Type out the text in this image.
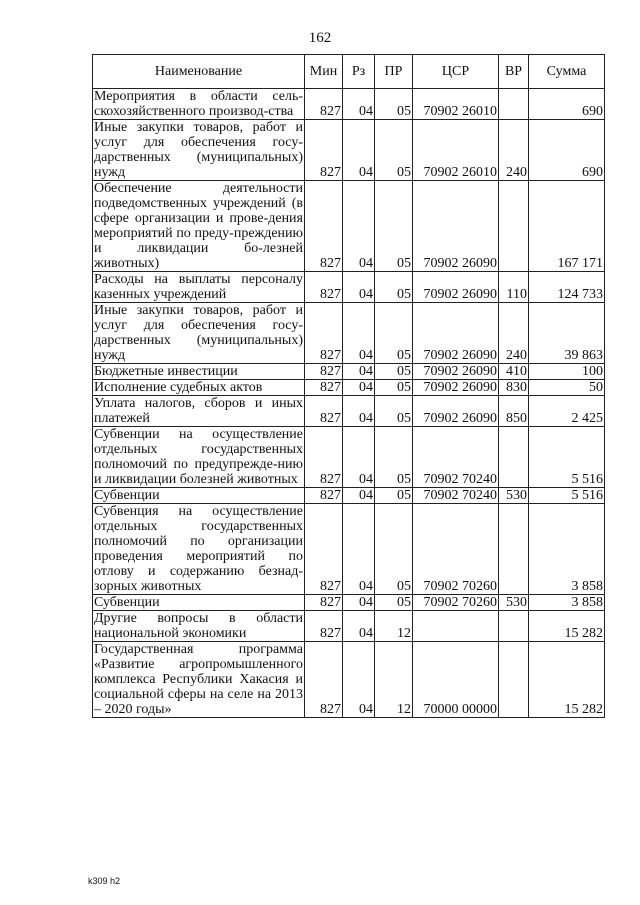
162
Наименование	Мин	Рз	ПР	ЦСР	ВР	Сумма
Мероприятия в области сель-скохозяйственного производ-ства	827	04	05	70902 26010		690
Иные закупки товаров, работ и услуг для обеспечения госу-дарственных (муниципальных) нужд	827	04	05	70902 26010	240	690
Обеспечение деятельности подведомственных учреждений (в сфере организации и прове-дения мероприятий по преду-преждению и ликвидации бо-лезней животных)	827	04	05	70902 26090		167 171
Расходы на выплаты персоналу казенных учреждений	827	04	05	70902 26090	110	124 733
Иные закупки товаров, работ и услуг для обеспечения госу-дарственных (муниципальных) нужд	827	04	05	70902 26090	240	39 863
Бюджетные инвестиции	827	04	05	70902 26090	410	100
Исполнение судебных актов	827	04	05	70902 26090	830	50
Уплата налогов, сборов и иных платежей	827	04	05	70902 26090	850	2 425
Субвенции на осуществление отдельных государственных полномочий по предупрежде-нию и ликвидации болезней животных	827	04	05	70902 70240		5 516
Субвенции	827	04	05	70902 70240	530	5 516
Субвенция на осуществление отдельных государственных полномочий по организации проведения мероприятий по отлову и содержанию безнад-зорных животных	827	04	05	70902 70260		3 858
Субвенции	827	04	05	70902 70260	530	3 858
Другие вопросы в области национальной экономики	827	04	12			15 282
Государственная программа «Развитие агропромышленного комплекса Республики Хакасия и социальной сферы на селе на 2013 – 2020 годы»	827	04	12	70000 00000		15 282
k309 h2
